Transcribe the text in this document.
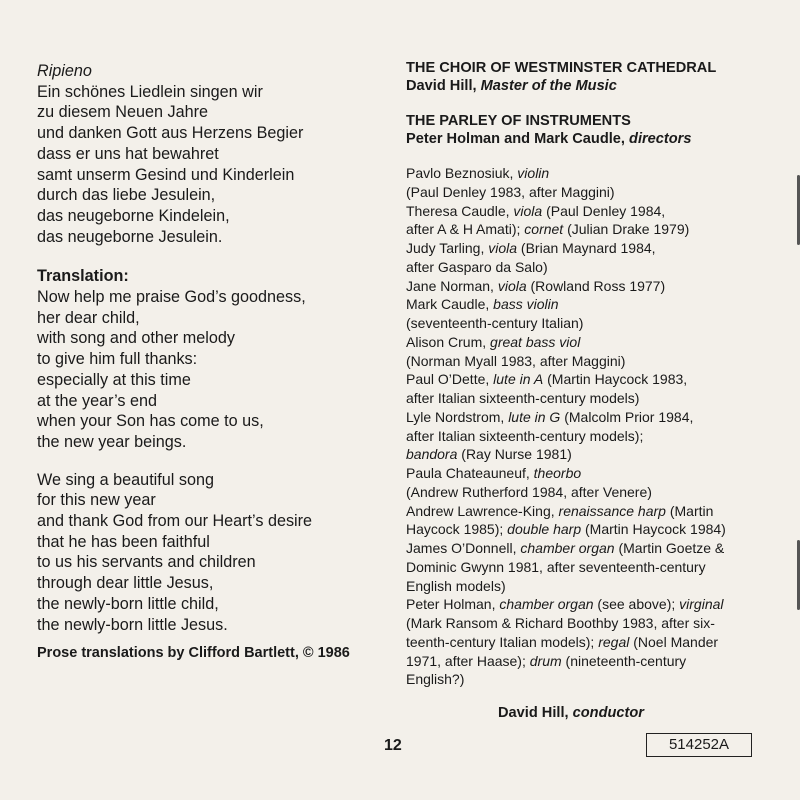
Ripieno
Ein schönes Liedlein singen wir
zu diesem Neuen Jahre
und danken Gott aus Herzens Begier
dass er uns hat bewahret
samt unserm Gesind und Kinderlein
durch das liebe Jesulein,
das neugeborne Kindelein,
das neugeborne Jesulein.
Translation:
Now help me praise God’s goodness,
her dear child,
with song and other melody
to give him full thanks:
especially at this time
at the year’s end
when your Son has come to us,
the new year beings.
We sing a beautiful song
for this new year
and thank God from our Heart’s desire
that he has been faithful
to us his servants and children
through dear little Jesus,
the newly-born little child,
the newly-born little Jesus.
Prose translations by Clifford Bartlett, © 1986
THE CHOIR OF WESTMINSTER CATHEDRAL
David Hill, Master of the Music
THE PARLEY OF INSTRUMENTS
Peter Holman and Mark Caudle, directors
Pavlo Beznosiuk, violin
(Paul Denley 1983, after Maggini)
Theresa Caudle, viola (Paul Denley 1984,
after A & H Amati); cornet (Julian Drake 1979)
Judy Tarling, viola (Brian Maynard 1984,
after Gasparo da Salo)
Jane Norman, viola (Rowland Ross 1977)
Mark Caudle, bass violin
(seventeenth-century Italian)
Alison Crum, great bass viol
(Norman Myall 1983, after Maggini)
Paul O’Dette, lute in A (Martin Haycock 1983,
after Italian sixteenth-century models)
Lyle Nordstrom, lute in G (Malcolm Prior 1984,
after Italian sixteenth-century models);
bandora (Ray Nurse 1981)
Paula Chateauneuf, theorbo
(Andrew Rutherford 1984, after Venere)
Andrew Lawrence-King, renaissance harp (Martin
Haycock 1985); double harp (Martin Haycock 1984)
James O’Donnell, chamber organ (Martin Goetze &
Dominic Gwynn 1981, after seventeenth-century
English models)
Peter Holman, chamber organ (see above); virginal
(Mark Ransom & Richard Boothby 1983, after six-
teenth-century Italian models); regal (Noel Mander
1971, after Haase); drum (nineteenth-century
English?)
David Hill, conductor
12	514252A
